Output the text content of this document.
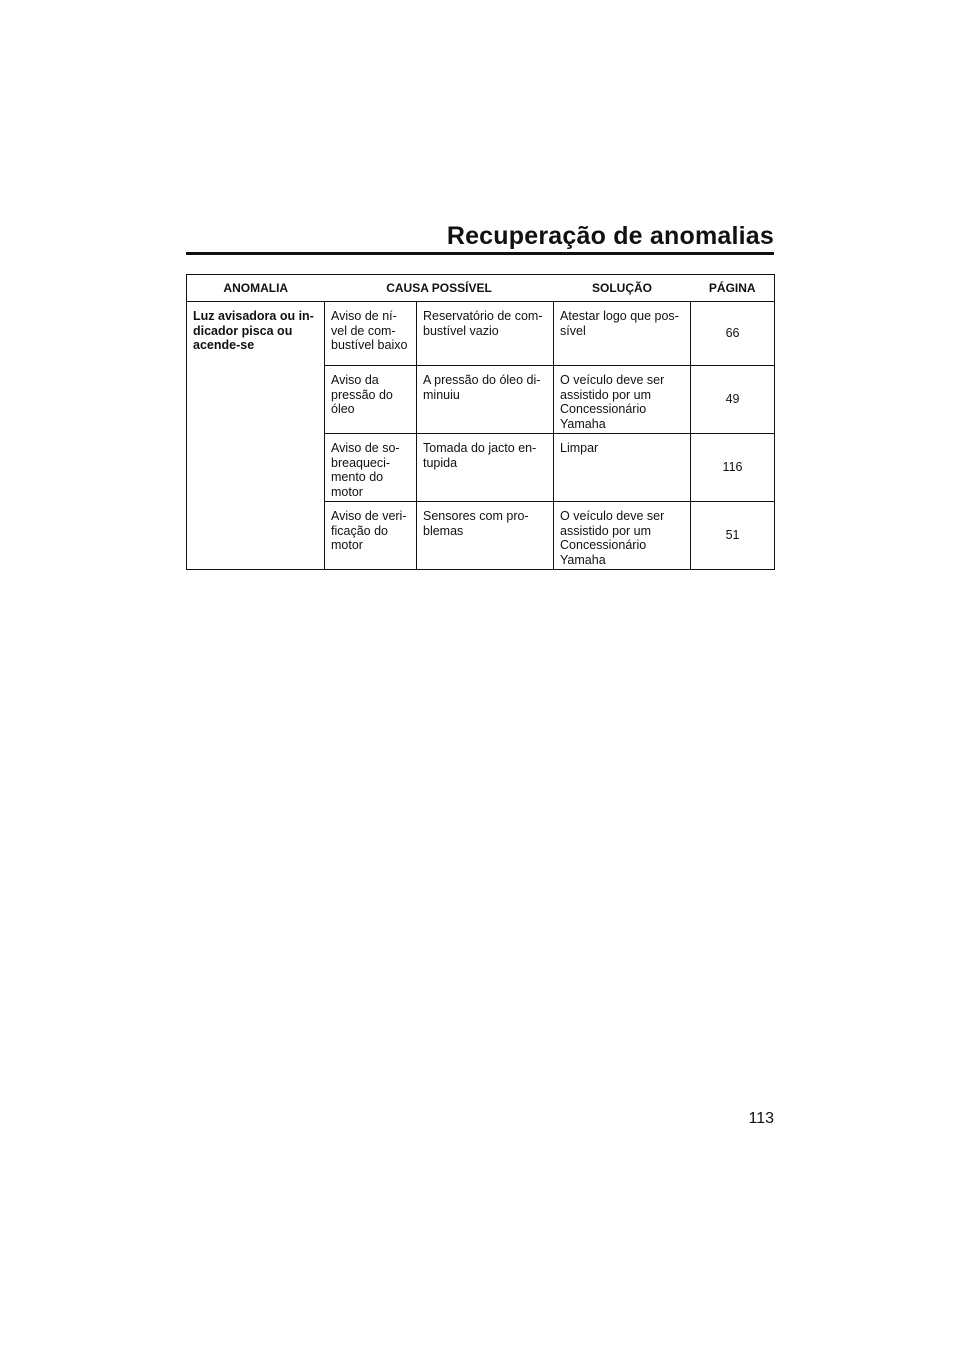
Recuperação de anomalias
ANOMALIA	CAUSA POSSÍVEL		SOLUÇÃO	PÁGINA
Luz avisadora ou in- dicador pisca ou acende-se	Aviso de ní- vel de com- bustível baixo	Reservatório de com- bustível vazio	Atestar logo que pos- sível	66
	Aviso da pressão do óleo	A pressão do óleo di- minuiu	O veículo deve ser assistido por um Concessionário Yamaha	49
	Aviso de so- breaqueci- mento do motor	Tomada do jacto en- tupida	Limpar	116
	Aviso de veri- ficação do motor	Sensores com pro- blemas	O veículo deve ser assistido por um Concessionário Yamaha	51
113
